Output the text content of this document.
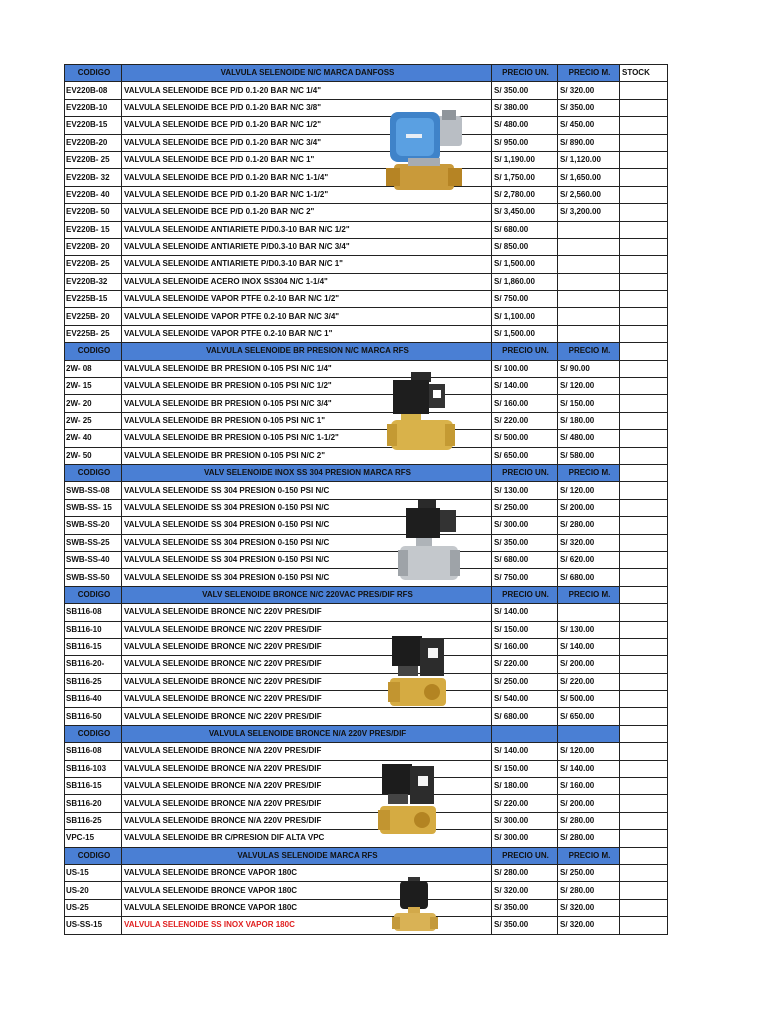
CODIGO	VALVULA SELENOIDE N/C MARCA DANFOSS	PRECIO UN.	PRECIO M.	STOCK
EV220B-08	VALVULA SELENOIDE BCE P/D 0.1-20 BAR N/C 1/4"	S/ 350.00	S/ 320.00	
EV220B-10	VALVULA SELENOIDE BCE P/D 0.1-20 BAR N/C 3/8"	S/ 380.00	S/ 350.00	
EV220B-15	VALVULA SELENOIDE BCE P/D 0.1-20 BAR N/C 1/2"	S/ 480.00	S/ 450.00	
EV220B-20	VALVULA SELENOIDE BCE P/D 0.1-20 BAR N/C 3/4"	S/ 950.00	S/ 890.00	
EV220B- 25	VALVULA SELENOIDE BCE P/D 0.1-20 BAR N/C 1"	S/ 1,190.00	S/ 1,120.00	
EV220B- 32	VALVULA SELENOIDE BCE P/D 0.1-20 BAR N/C 1-1/4"	S/ 1,750.00	S/ 1,650.00	
EV220B- 40	VALVULA SELENOIDE BCE P/D 0.1-20 BAR N/C 1-1/2"	S/ 2,780.00	S/ 2,560.00	
EV220B- 50	VALVULA SELENOIDE BCE P/D 0.1-20 BAR N/C 2"	S/ 3,450.00	S/ 3,200.00	
EV220B- 15	VALVULA SELENOIDE ANTIARIETE P/D0.3-10 BAR N/C 1/2"	S/ 680.00		
EV220B- 20	VALVULA SELENOIDE ANTIARIETE P/D0.3-10 BAR N/C 3/4"	S/ 850.00		
EV220B- 25	VALVULA SELENOIDE ANTIARIETE P/D0.3-10 BAR N/C 1"	S/ 1,500.00		
EV220B-32	VALVULA SELENOIDE ACERO INOX SS304 N/C 1-1/4"	S/ 1,860.00		
EV225B-15	VALVULA SELENOIDE VAPOR PTFE 0.2-10 BAR N/C 1/2"	S/ 750.00		
EV225B- 20	VALVULA SELENOIDE VAPOR PTFE 0.2-10 BAR N/C 3/4"	S/ 1,100.00		
EV225B- 25	VALVULA SELENOIDE VAPOR PTFE 0.2-10 BAR N/C 1"	S/ 1,500.00		
CODIGO	VALVULA SELENOIDE BR PRESION N/C MARCA RFS	PRECIO UN.	PRECIO M.	
2W- 08	VALVULA SELENOIDE BR PRESION 0-105 PSI N/C 1/4"	S/ 100.00	S/ 90.00	
2W- 15	VALVULA SELENOIDE BR PRESION 0-105 PSI N/C 1/2"	S/ 140.00	S/ 120.00	
2W- 20	VALVULA SELENOIDE BR PRESION 0-105 PSI N/C 3/4"	S/ 160.00	S/ 150.00	
2W- 25	VALVULA SELENOIDE BR PRESION 0-105 PSI N/C 1"	S/ 220.00	S/ 180.00	
2W- 40	VALVULA SELENOIDE BR PRESION 0-105 PSI N/C 1-1/2"	S/ 500.00	S/ 480.00	
2W- 50	VALVULA SELENOIDE BR PRESION 0-105 PSI N/C 2"	S/ 650.00	S/ 580.00	
CODIGO	VALV SELENOIDE INOX SS 304 PRESION MARCA RFS	PRECIO UN.	PRECIO M.	
SWB-SS-08	VALVULA SELENOIDE SS 304 PRESION 0-150 PSI N/C	S/ 130.00	S/ 120.00	
SWB-SS- 15	VALVULA SELENOIDE SS 304 PRESION 0-150 PSI N/C	S/ 250.00	S/ 200.00	
SWB-SS-20	VALVULA SELENOIDE SS 304 PRESION 0-150 PSI N/C	S/ 300.00	S/ 280.00	
SWB-SS-25	VALVULA SELENOIDE SS 304 PRESION 0-150 PSI N/C	S/ 350.00	S/ 320.00	
SWB-SS-40	VALVULA SELENOIDE SS 304 PRESION 0-150 PSI N/C	S/ 680.00	S/ 620.00	
SWB-SS-50	VALVULA SELENOIDE SS 304 PRESION 0-150 PSI N/C	S/ 750.00	S/ 680.00	
CODIGO	VALV SELENOIDE BRONCE N/C 220VAC PRES/DIF RFS	PRECIO UN.	PRECIO M.	
SB116-08	VALVULA SELENOIDE BRONCE N/C 220V PRES/DIF	S/ 140.00		
SB116-10	VALVULA SELENOIDE BRONCE N/C 220V PRES/DIF	S/ 150.00	S/ 130.00	
SB116-15	VALVULA SELENOIDE BRONCE N/C 220V PRES/DIF	S/ 160.00	S/ 140.00	
SB116-20-	VALVULA SELENOIDE BRONCE N/C 220V PRES/DIF	S/ 220.00	S/ 200.00	
SB116-25	VALVULA SELENOIDE BRONCE N/C 220V PRES/DIF	S/ 250.00	S/ 220.00	
SB116-40	VALVULA SELENOIDE BRONCE N/C 220V PRES/DIF	S/ 540.00	S/ 500.00	
SB116-50	VALVULA SELENOIDE BRONCE N/C 220V PRES/DIF	S/ 680.00	S/ 650.00	
CODIGO	VALVULA SELENOIDE BRONCE N/A 220V PRES/DIF			
SB116-08	VALVULA SELENOIDE BRONCE N/A 220V PRES/DIF	S/ 140.00	S/ 120.00	
SB116-103	VALVULA SELENOIDE BRONCE N/A 220V PRES/DIF	S/ 150.00	S/ 140.00	
SB116-15	VALVULA SELENOIDE BRONCE N/A 220V PRES/DIF	S/ 180.00	S/ 160.00	
SB116-20	VALVULA SELENOIDE BRONCE N/A 220V PRES/DIF	S/ 220.00	S/ 200.00	
SB116-25	VALVULA SELENOIDE BRONCE N/A 220V PRES/DIF	S/ 300.00	S/ 280.00	
VPC-15	VALVULA SELENOIDE BR C/PRESION DIF ALTA VPC	S/ 300.00	S/ 280.00	
CODIGO	VALVULAS SELENOIDE MARCA RFS	PRECIO UN.	PRECIO M.	
US-15	VALVULA SELENOIDE BRONCE VAPOR 180C	S/ 280.00	S/ 250.00	
US-20	VALVULA SELENOIDE BRONCE VAPOR 180C	S/ 320.00	S/ 280.00	
US-25	VALVULA SELENOIDE BRONCE VAPOR 180C	S/ 350.00	S/ 320.00	
US-SS-15	VALVULA SELENOIDE SS INOX VAPOR 180C	S/ 350.00	S/ 320.00	
